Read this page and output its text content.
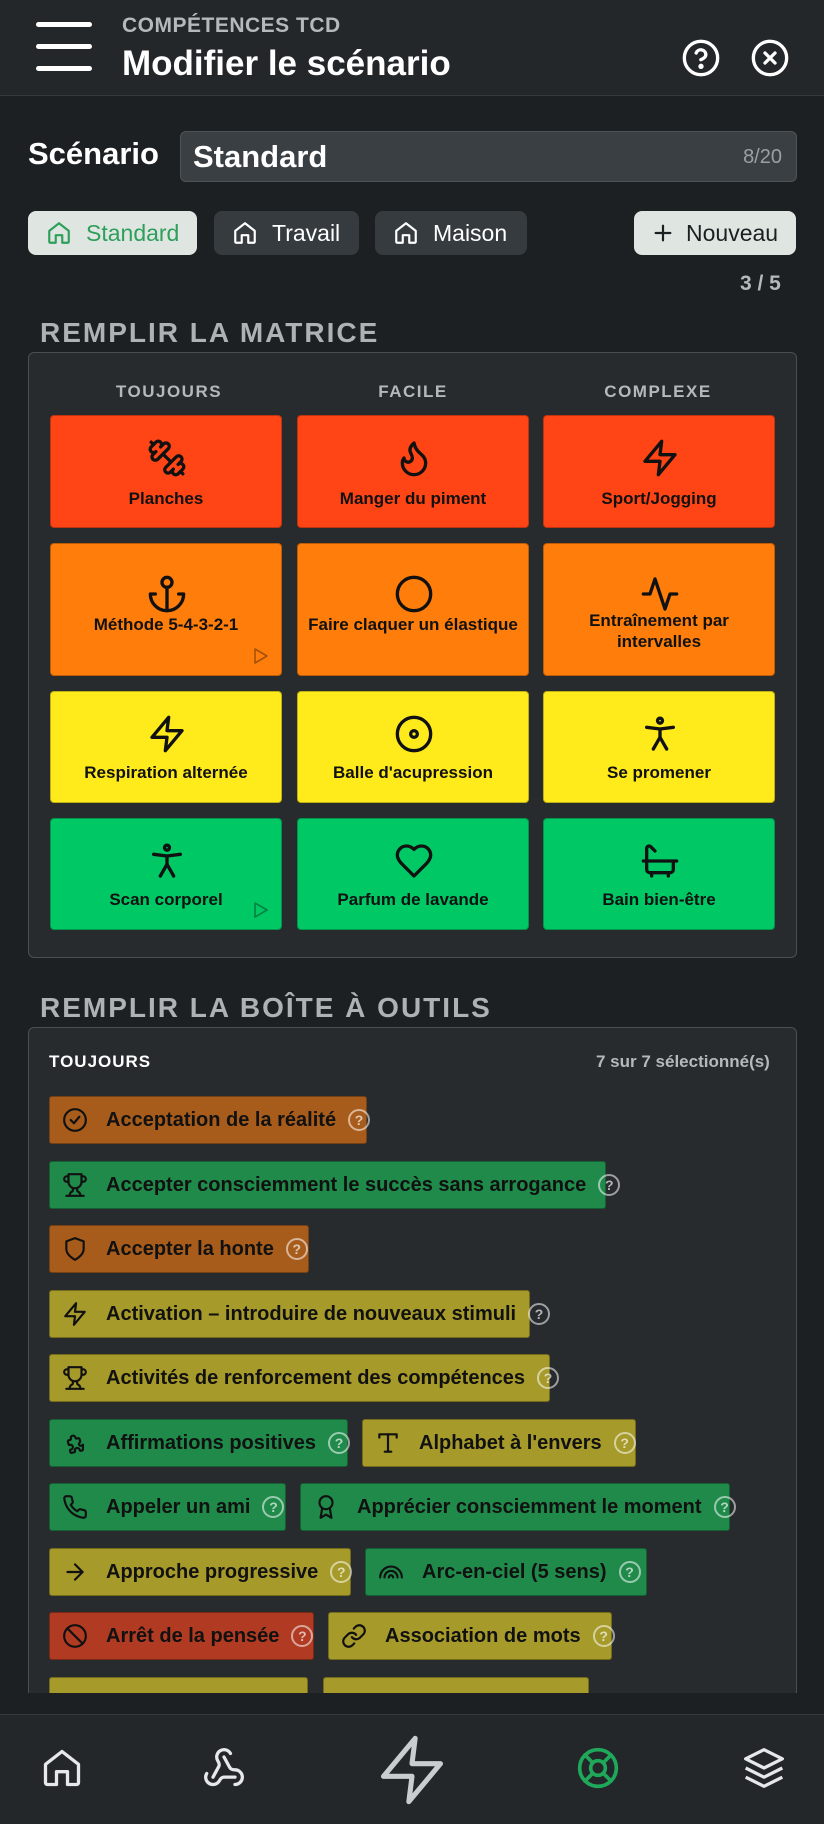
COMPÉTENCES TCD
Modifier le scénario
Scénario
Standard	8/20
Standard	Travail	Maison	Nouveau
3 / 5
REMPLIR LA MATRICE
TOUJOURS	FACILE	COMPLEXE
Planches	Manger du piment	Sport/Jogging
Méthode 5-4-3-2-1	Faire claquer un élastique	Entraînement par intervalles
Respiration alternée	Balle d'acupression	Se promener
Scan corporel	Parfum de lavande	Bain bien-être
REMPLIR LA BOÎTE À OUTILS
TOUJOURS	7 sur 7 sélectionné(s)
Acceptation de la réalité	?
Accepter consciemment le succès sans arrogance	?
Accepter la honte	?
Activation – introduire de nouveaux stimuli	?
Activités de renforcement des compétences	?
Affirmations positives	?	Alphabet à l'envers	?
Appeler un ami	?	Apprécier consciemment le moment	?
Approche progressive	?	Arc-en-ciel (5 sens)	?
Arrêt de la pensée	?	Association de mots	?
